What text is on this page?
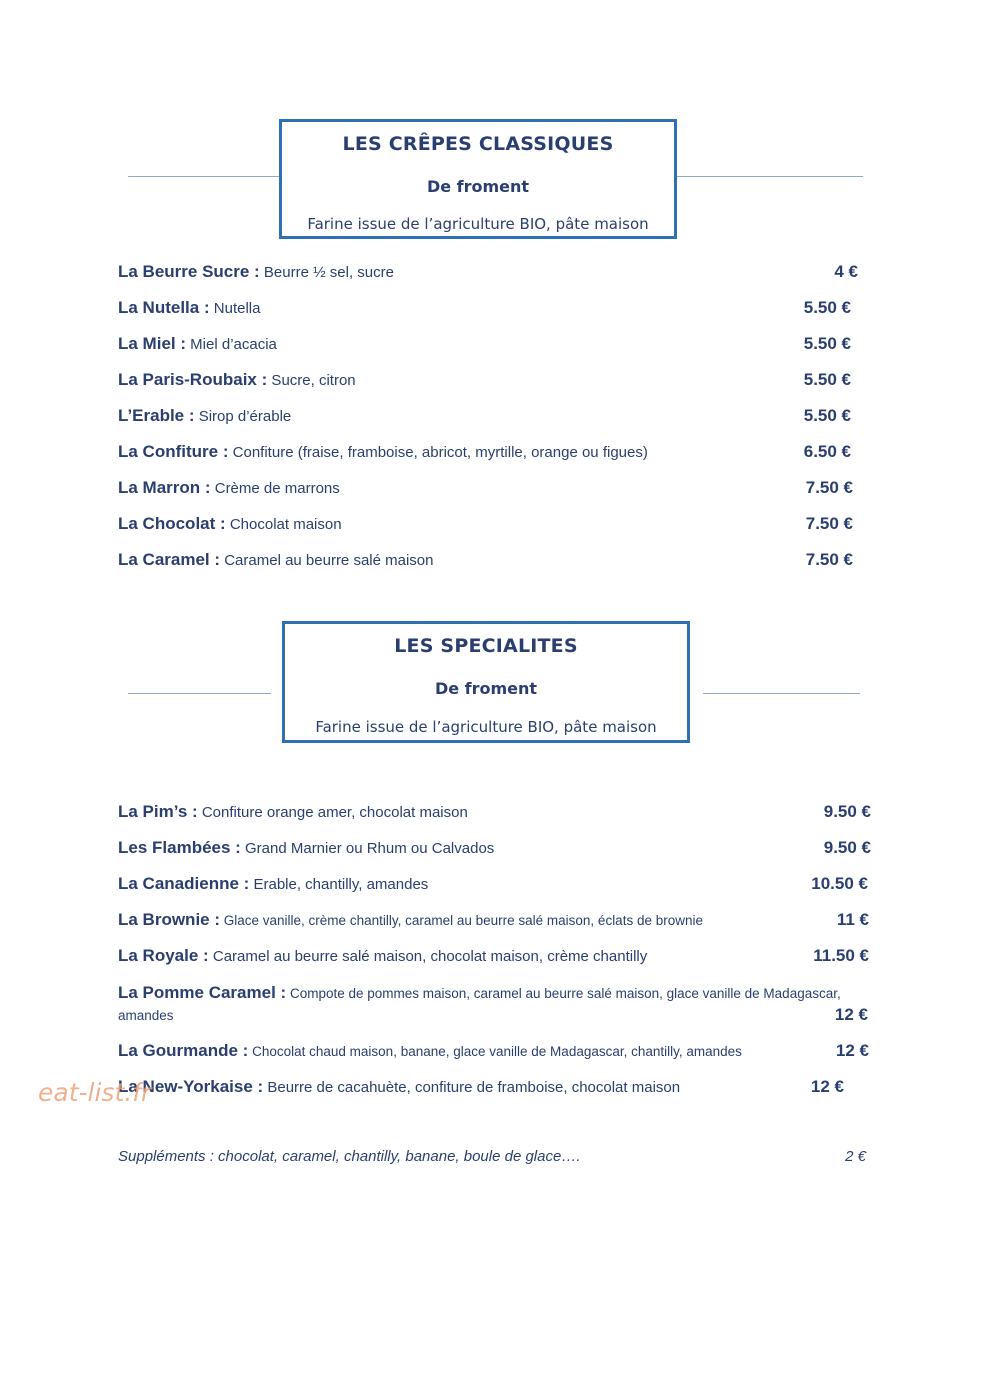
LES CRÊPES CLASSIQUES
De froment
Farine issue de l’agriculture BIO, pâte maison
La Beurre Sucre : Beurre ½ sel, sucre	4 €
La Nutella : Nutella	5.50 €
La Miel : Miel d’acacia	5.50 €
La Paris-Roubaix : Sucre, citron	5.50 €
L’Erable : Sirop d’érable	5.50 €
La Confiture : Confiture (fraise, framboise, abricot, myrtille, orange ou figues)	6.50 €
La Marron : Crème de marrons	7.50 €
La Chocolat : Chocolat maison	7.50 €
La Caramel : Caramel au beurre salé maison	7.50 €
LES SPECIALITES
De froment
Farine issue de l’agriculture BIO, pâte maison
La Pim’s : Confiture orange amer, chocolat maison	9.50 €
Les Flambées : Grand Marnier ou Rhum ou Calvados	9.50 €
La Canadienne : Erable, chantilly, amandes	10.50 €
La Brownie : Glace vanille, crème chantilly, caramel au beurre salé maison, éclats de brownie	11 €
La Royale : Caramel au beurre salé maison, chocolat maison, crème chantilly	11.50 €
La Pomme Caramel : Compote de pommes maison, caramel au beurre salé maison, glace vanille de Madagascar, amandes	12 €
La Gourmande : Chocolat chaud maison, banane, glace vanille de Madagascar, chantilly, amandes	12 €
La New-Yorkaise : Beurre de cacahuète, confiture de framboise, chocolat maison	12 €
Suppléments : chocolat, caramel, chantilly, banane, boule de glace….	2 €
eat-list.fr
